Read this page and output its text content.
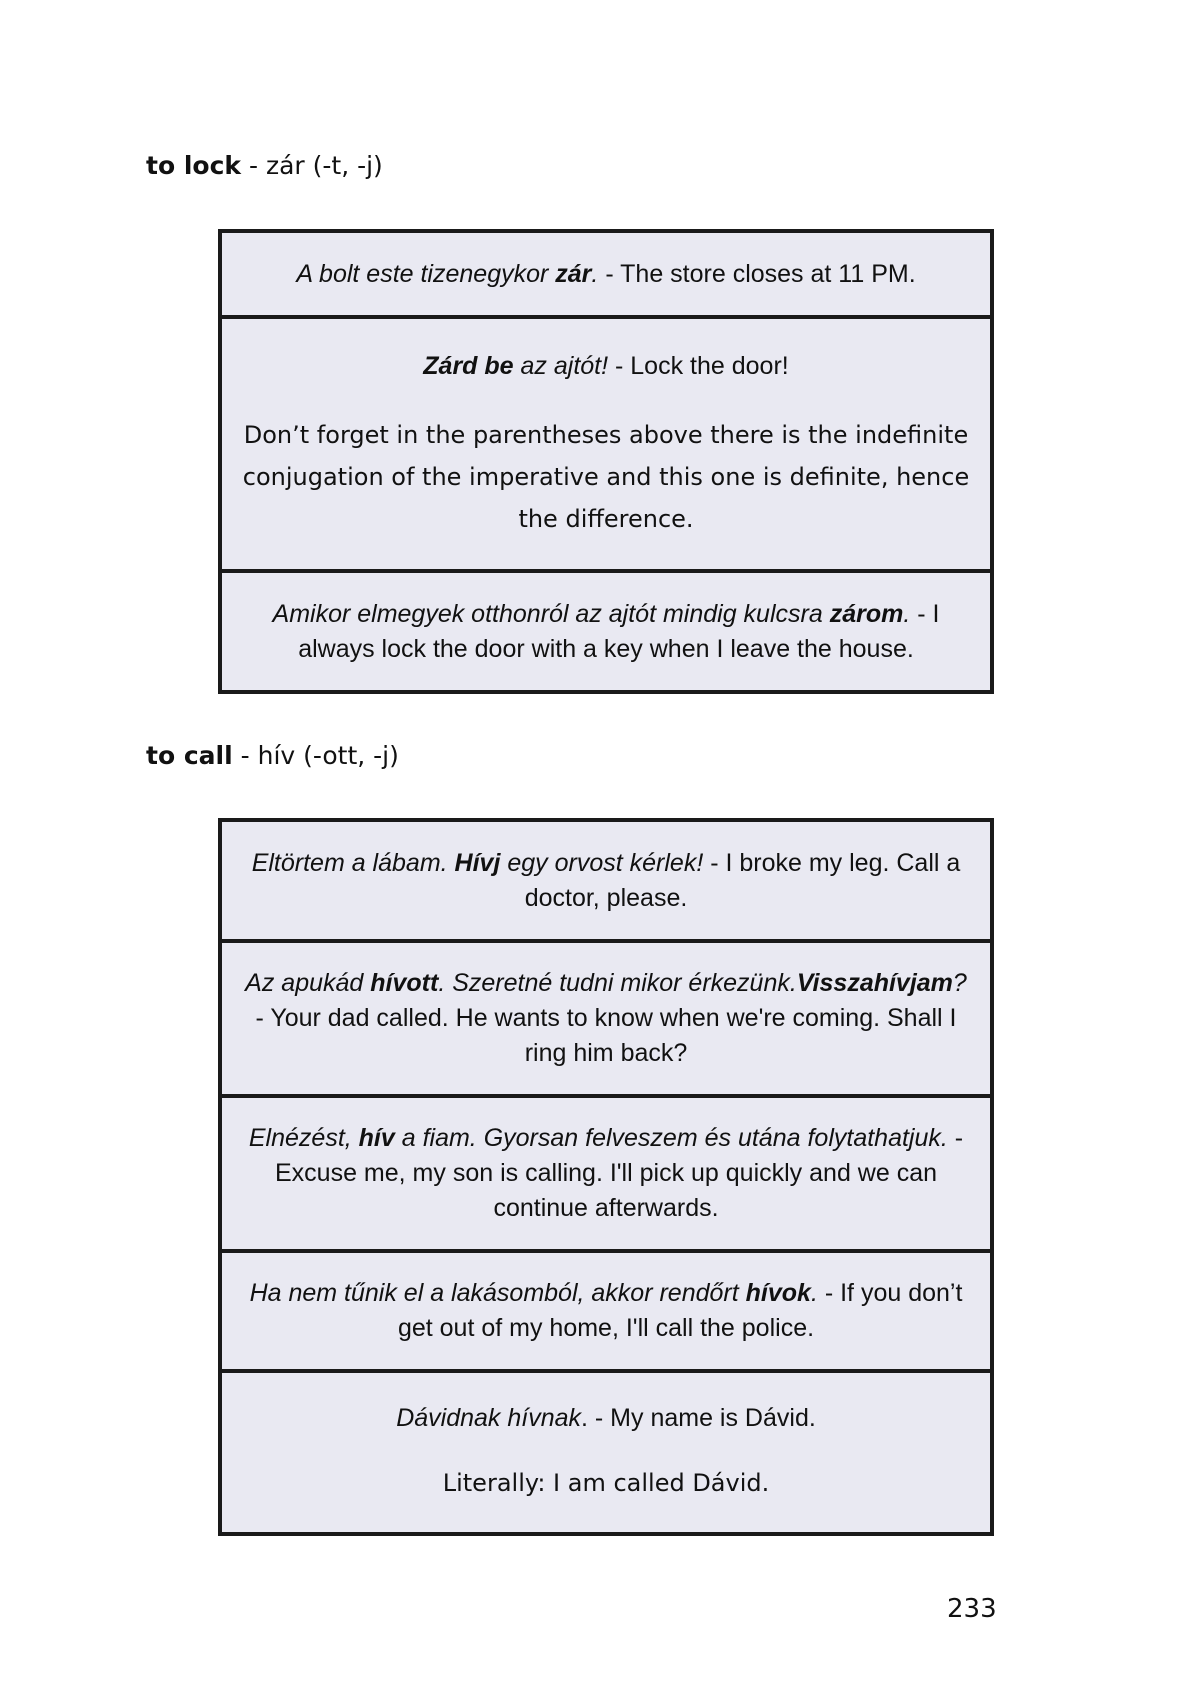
to lock - zár (-t, -j)

A bolt este tizenegykor zár. - The store closes at 11 PM.

Zárd be az ajtót! - Lock the door!

Don’t forget in the parentheses above there is the indefinite conjugation of the imperative and this one is definite, hence the difference.

Amikor elmegyek otthonról az ajtót mindig kulcsra zárom. - I always lock the door with a key when I leave the house.

to call - hív (-ott, -j)

Eltörtem a lábam. Hívj egy orvost kérlek! - I broke my leg. Call a doctor, please.

Az apukád hívott. Szeretné tudni mikor érkezünk.Visszahívjam? - Your dad called. He wants to know when we're coming. Shall I ring him back?

Elnézést, hív a fiam. Gyorsan felveszem és utána folytathatjuk. - Excuse me, my son is calling. I'll pick up quickly and we can continue afterwards.

Ha nem tűnik el a lakásomból, akkor rendőrt hívok. - If you don’t get out of my home, I'll call the police.

Dávidnak hívnak. - My name is Dávid.

Literally: I am called Dávid.

233
